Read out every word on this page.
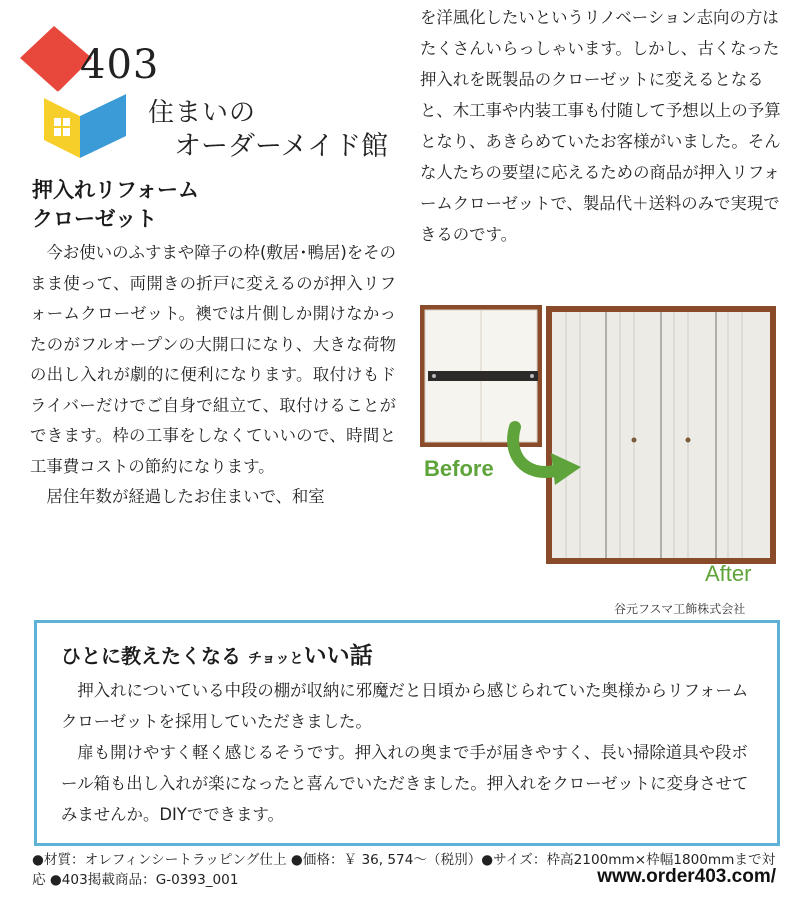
403
住まいの
オーダーメイド館
押入れリフォーム
クローゼット

今お使いのふすまや障子の枠(敷居･鴨居)をそのまま使って、両開きの折戸に変えるのが押入リフォームクローゼット。襖では片側しか開けなかったのがフルオープンの大開口になり、大きな荷物の出し入れが劇的に便利になります。取付けもドライバーだけでご自身で組立て、取付けることができます。枠の工事をしなくていいので、時間と工事費コストの節約になります。

居住年数が経過したお住まいで、和室

を洋風化したいというリノベーション志向の方はたくさんいらっしゃいます。しかし、古くなった押入れを既製品のクローゼットに変えるとなると、木工事や内装工事も付随して予想以上の予算となり、あきらめていたお客様がいました。そんな人たちの要望に応えるための商品が押入リフォームクローゼットで、製品代＋送料のみで実現できるのです。
Before
After
谷元フスマ工飾株式会社
ひとに教えたくなる チョッといい話

押入れについている中段の棚が収納に邪魔だと日頃から感じられていた奥様からリフォームクローゼットを採用していただきました。

扉も開けやすく軽く感じるそうです。押入れの奥まで手が届きやすく、長い掃除道具や段ボール箱も出し入れが楽になったと喜んでいただきました。押入れをクローゼットに変身させてみませんか。DIYでできます。

●材質：オレフィンシートラッピング仕上 ●価格：￥ 36, 574～（税別）●サイズ：枠高2100mm×枠幅1800mmまで対応 ●403掲載商品：G-0393_001	www.order403.com/
